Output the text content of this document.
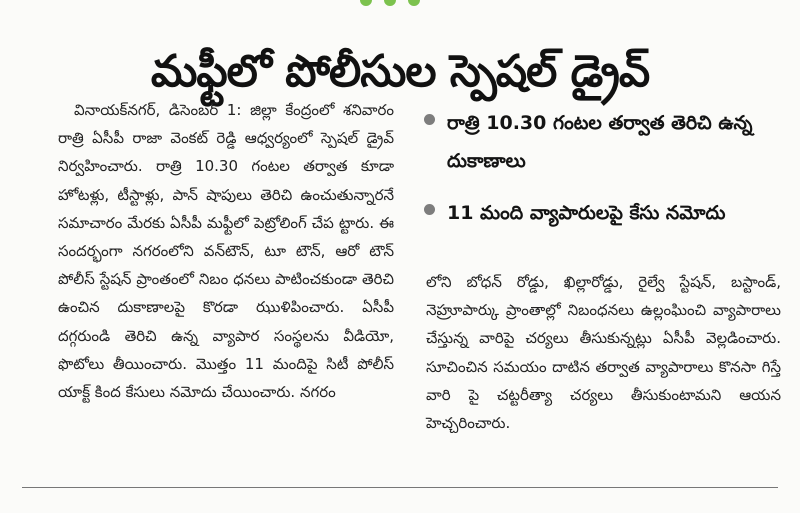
మఫ్టీలో పోలీసుల స్పెషల్ డ్రైవ్
వినాయక్‌నగర్, డిసెంబర్ 1: జిల్లా కేంద్రంలో శనివారం రాత్రి ఏసీపీ రాజా వెంకట్ రెడ్డి ఆధ్వర్యంలో స్పెషల్ డ్రైవ్ నిర్వహించారు. రాత్రి 10.30 గంటల తర్వాత కూడా హోటళ్లు, టీస్టాళ్లు, పాన్ షాపులు తెరిచి ఉంచుతున్నారనే సమాచారం మేరకు ఏసీపీ మఫ్టీలో పెట్రోలింగ్ చేప ట్టారు. ఈ సందర్భంగా నగరంలోని వన్‌టౌన్, టూ టౌన్, ఆరో టౌన్ పోలీస్ స్టేషన్ ప్రాంతంలో నిబం ధనలు పాటించకుండా తెరిచి ఉంచిన దుకాణాలపై కొరడా ఝుళిపించారు. ఏసీపీ దగ్గరుండి తెరిచి ఉన్న వ్యాపార సంస్థలను వీడియో, ఫొటోలు తీయించారు. మొత్తం 11 మందిపై సిటీ పోలీస్ యాక్ట్ కింద కేసులు నమోదు చేయించారు. నగరం
రాత్రి 10.30 గంటల తర్వాత తెరిచి ఉన్న దుకాణాలు
11 మంది వ్యాపారులపై కేసు నమోదు
లోని బోధన్ రోడ్డు, ఖిల్లారోడ్డు, రైల్వే స్టేషన్, బస్టాండ్, నెహ్రూపార్కు ప్రాంతాల్లో నిబంధనలు ఉల్లంఘించి వ్యాపారాలు చేస్తున్న వారిపై చర్యలు తీసుకున్నట్లు ఏసీపీ వెల్లడించారు. సూచించిన సమయం దాటిన తర్వాత వ్యాపారాలు కొనసా గిస్తే వారి పై చట్టరీత్యా చర్యలు తీసుకుంటామని ఆయన హెచ్చరించారు.
